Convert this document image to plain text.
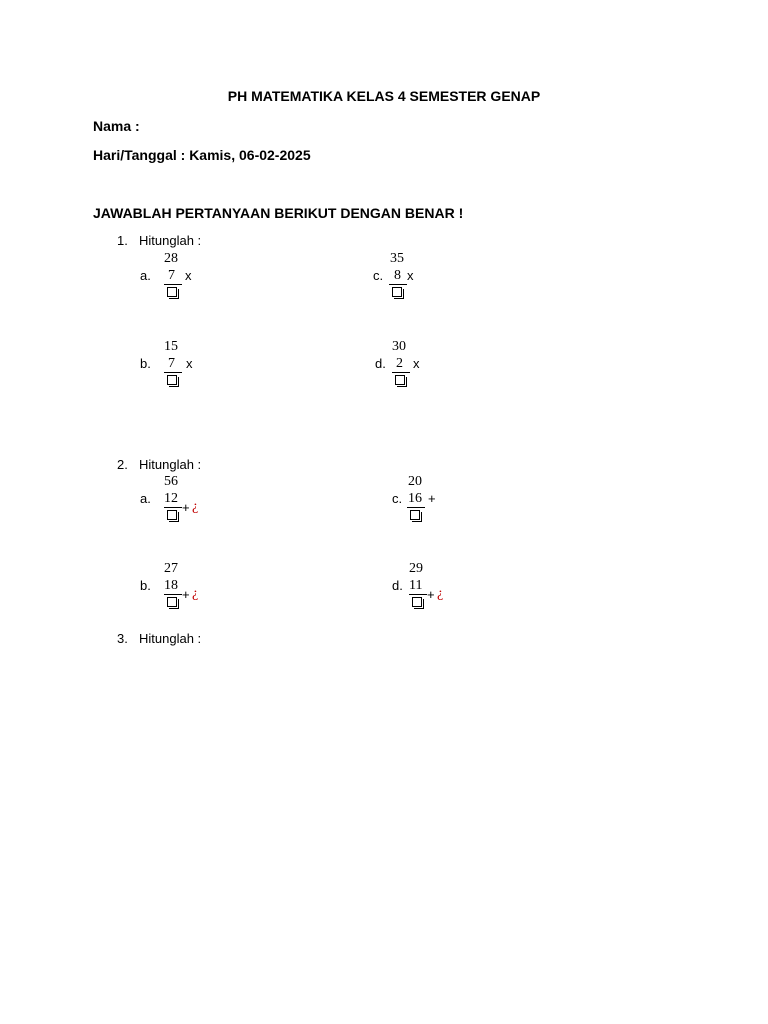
PH MATEMATIKA KELAS 4 SEMESTER GENAP
Nama :
Hari/Tanggal : Kamis, 06-02-2025
JAWABLAH PERTANYAAN BERIKUT DENGAN BENAR !
1. Hitunglah :
28
a. 7 x
35
c. 8 x
15
b. 7 x
30
d. 2 x
2. Hitunglah :
56
a. 12
+ ¿
20
c. 16 +
27
b. 18
+ ¿
29
d. 11
+ ¿
3. Hitunglah :
